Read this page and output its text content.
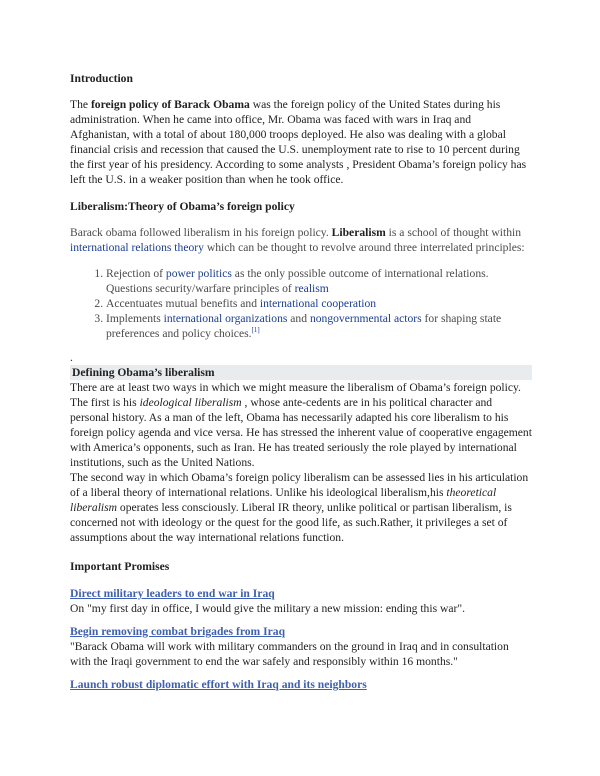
Introduction

The foreign policy of Barack Obama was the foreign policy of the United States during his administration. When he came into office, Mr. Obama was faced with wars in Iraq and Afghanistan, with a total of about 180,000 troops deployed. He also was dealing with a global financial crisis and recession that caused the U.S. unemployment rate to rise to 10 percent during the first year of his presidency. According to some analysts , President Obama’s foreign policy has left the U.S. in a weaker position than when he took office.

Liberalism:Theory of Obama’s foreign policy

Barack obama followed liberalism in his foreign policy. Liberalism is a school of thought within international relations theory which can be thought to revolve around three interrelated principles:

1. Rejection of power politics as the only possible outcome of international relations. Questions security/warfare principles of realism
2. Accentuates mutual benefits and international cooperation
3. Implements international organizations and nongovernmental actors for shaping state preferences and policy choices.[1]

.

Defining Obama’s liberalism

There are at least two ways in which we might measure the liberalism of Obama’s foreign policy. The first is his ideological liberalism , whose ante-cedents are in his political character and personal history. As a man of the left, Obama has necessarily adapted his core liberalism to his foreign policy agenda and vice versa. He has stressed the inherent value of cooperative engagement with America’s opponents, such as Iran. He has treated seriously the role played by international institutions, such as the United Nations.

The second way in which Obama’s foreign policy liberalism can be assessed lies in his articulation of a liberal theory of international relations. Unlike his ideological liberalism,his theoretical liberalism operates less consciously. Liberal IR theory, unlike political or partisan liberalism, is concerned not with ideology or the quest for the good life, as such.Rather, it privileges a set of assumptions about the way international relations function.

Important Promises
Direct military leaders to end war in Iraq
On "my first day in office, I would give the military a new mission: ending this war".
Begin removing combat brigades from Iraq
"Barack Obama will work with military commanders on the ground in Iraq and in consultation with the Iraqi government to end the war safely and responsibly within 16 months."
Launch robust diplomatic effort with Iraq and its neighbors
